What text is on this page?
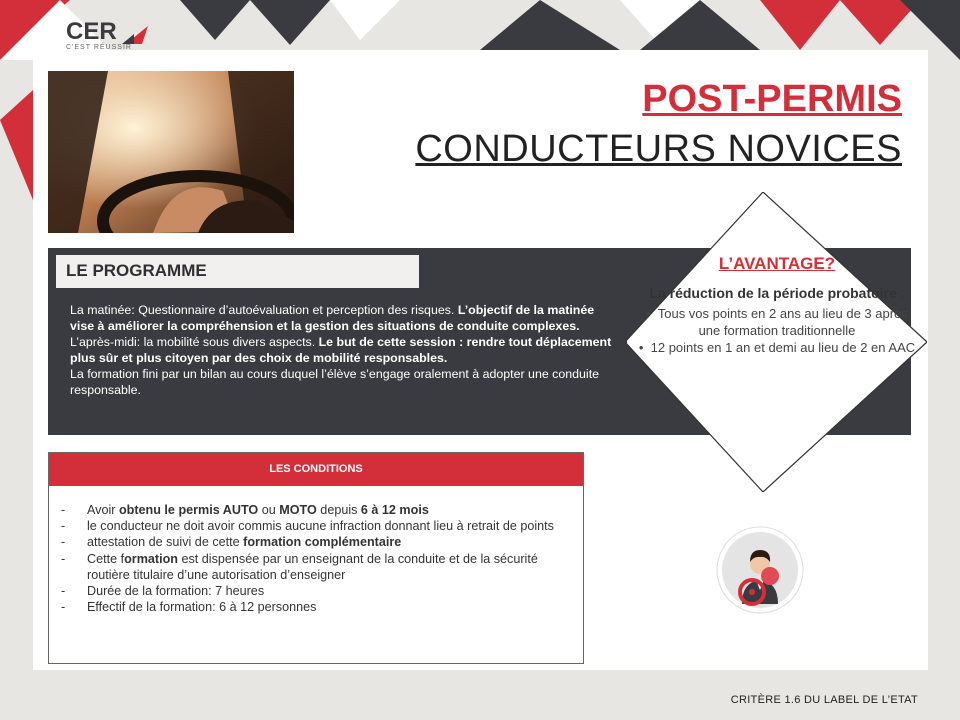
CER
C'EST RÉUSSIR
POST-PERMIS
CONDUCTEURS NOVICES
LE PROGRAMME
La matinée: Questionnaire d’autoévaluation et perception des risques. L’objectif de la matinée vise à améliorer la compréhension et la gestion des situations de conduite complexes.
L’après-midi: la mobilité sous divers aspects. Le but de cette session : rendre tout déplacement plus sûr et plus citoyen par des choix de mobilité responsables.
La formation fini par un bilan au cours duquel l’élève s’engage oralement à adopter une conduite responsable.
L’AVANTAGE?
La réduction de la période probatoire :
•  Tous vos points en 2 ans au lieu de 3 après une formation traditionnelle
•  12 points en 1 an et demi au lieu de 2 en AAC
LES CONDITIONS
- Avoir obtenu le permis AUTO ou MOTO depuis 6 à 12 mois
- le conducteur ne doit avoir commis aucune infraction donnant lieu à retrait de points
- attestation de suivi de cette formation complémentaire
- Cette formation est dispensée par un enseignant de la conduite et de la sécurité routière titulaire d’une autorisation d’enseigner
- Durée de la formation: 7 heures
- Effectif de la formation: 6 à 12 personnes
CRITÈRE 1.6 DU LABEL DE L’ETAT
